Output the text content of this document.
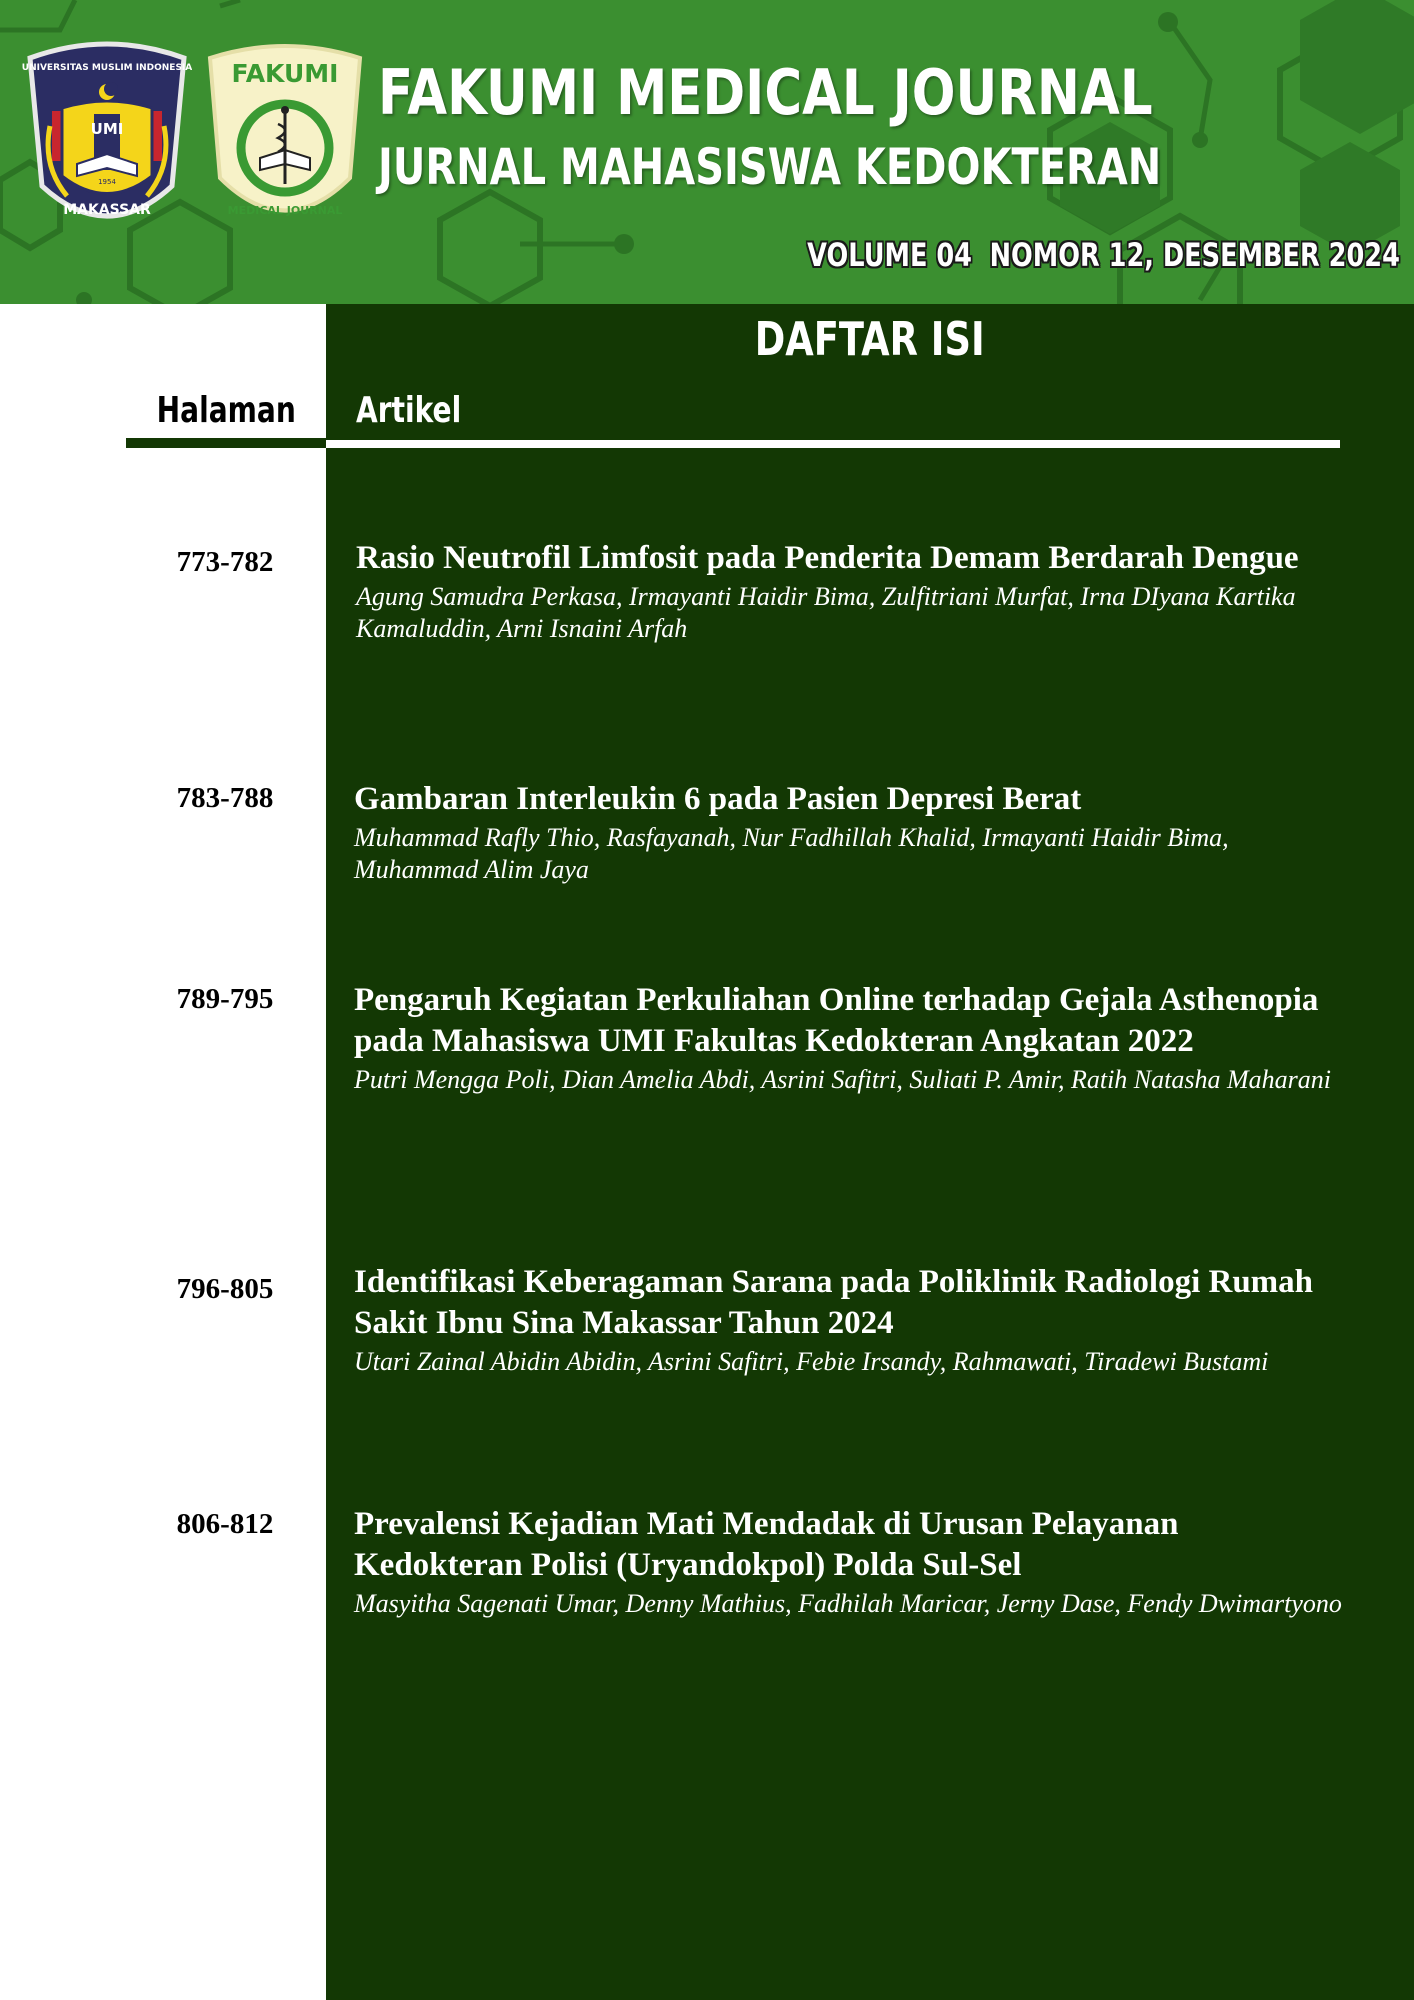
UMI
UNIVERSITAS MUSLIM INDONESIA
1954
MAKASSAR
FAKUMI
MEDICAL JOURNAL
FAKUMI MEDICAL JOURNAL
JURNAL MAHASISWA KEDOKTERAN
VOLUME 04 NOMOR 12, DESEMBER 2024
DAFTAR ISI
Halaman	Artikel
773-782	Rasio Neutrofil Limfosit pada Penderita Demam Berdarah Dengue
Agung Samudra Perkasa, Irmayanti Haidir Bima, Zulfitriani Murfat, Irna DIyana Kartika Kamaluddin, Arni Isnaini Arfah
783-788	Gambaran Interleukin 6 pada Pasien Depresi Berat
Muhammad Rafly Thio, Rasfayanah, Nur Fadhillah Khalid, Irmayanti Haidir Bima, Muhammad Alim Jaya
789-795	Pengaruh Kegiatan Perkuliahan Online terhadap Gejala Asthenopia pada Mahasiswa UMI Fakultas Kedokteran Angkatan 2022
Putri Mengga Poli, Dian Amelia Abdi, Asrini Safitri, Suliati P. Amir, Ratih Natasha Maharani
796-805	Identifikasi Keberagaman Sarana pada Poliklinik Radiologi Rumah Sakit Ibnu Sina Makassar Tahun 2024
Utari Zainal Abidin Abidin, Asrini Safitri, Febie Irsandy, Rahmawati, Tiradewi Bustami
806-812	Prevalensi Kejadian Mati Mendadak di Urusan Pelayanan Kedokteran Polisi (Uryandokpol) Polda Sul-Sel
Masyitha Sagenati Umar, Denny Mathius, Fadhilah Maricar, Jerny Dase, Fendy Dwimartyono
